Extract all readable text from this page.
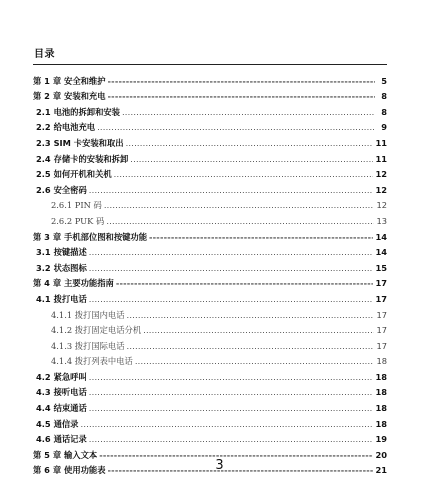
目录
第 1 章 安全和维护 -----	5
第 2 章 安装和充电 -----	8
2.1 电池的拆卸和安装 .....	8
2.2 给电池充电 .....	9
2.3 SIM 卡安装和取出 .....	11
2.4 存储卡的安装和拆卸 .....	11
2.5 如何开机和关机 .....	12
2.6 安全密码 .....	12
2.6.1 PIN 码 .....	12
2.6.2 PUK 码 .....	13
第 3 章 手机部位图和按键功能 -----	14
3.1 按键描述 .....	14
3.2 状态图标 .....	15
第 4 章 主要功能指南 -----	17
4.1 拨打电话 .....	17
4.1.1 拨打国内电话 .....	17
4.1.2 拨打固定电话分机 .....	17
4.1.3 拨打国际电话 .....	17
4.1.4 拨打列表中电话 .....	18
4.2 紧急呼叫 .....	18
4.3 接听电话 .....	18
4.4 结束通话 .....	18
4.5 通信录 .....	18
4.6 通话记录 .....	19
第 5 章 输入文本 -----	20
第 6 章 使用功能表 -----	21
3
